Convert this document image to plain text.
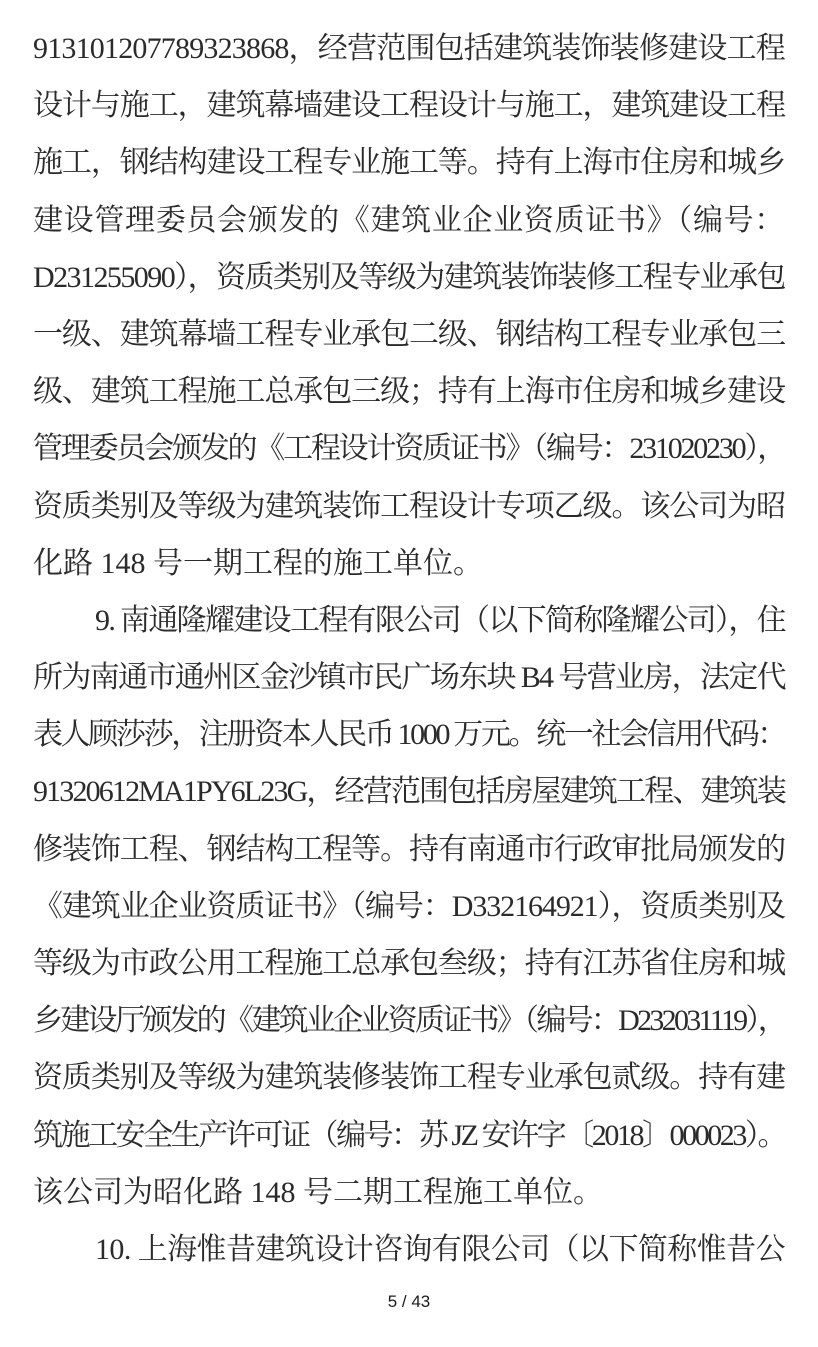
913101207789323868，经营范围包括建筑装饰装修建设工程
设计与施工，建筑幕墙建设工程设计与施工，建筑建设工程
施工，钢结构建设工程专业施工等。持有上海市住房和城乡
建设管理委员会颁发的《建筑业企业资质证书》（编号：
D231255090），资质类别及等级为建筑装饰装修工程专业承包
一级、建筑幕墙工程专业承包二级、钢结构工程专业承包三
级、建筑工程施工总承包三级；持有上海市住房和城乡建设
管理委员会颁发的《工程设计资质证书》（编号：231020230），
资质类别及等级为建筑装饰工程设计专项乙级。该公司为昭
化路 148 号一期工程的施工单位。
9. 南通隆耀建设工程有限公司（以下简称隆耀公司），住
所为南通市通州区金沙镇市民广场东块 B4 号营业房，法定代
表人顾莎莎，注册资本人民币 1000 万元。统一社会信用代码：
91320612MA1PY6L23G，经营范围包括房屋建筑工程、建筑装
修装饰工程、钢结构工程等。持有南通市行政审批局颁发的
《建筑业企业资质证书》（编号：D332164921），资质类别及
等级为市政公用工程施工总承包叁级；持有江苏省住房和城
乡建设厅颁发的《建筑业企业资质证书》（编号：D232031119），
资质类别及等级为建筑装修装饰工程专业承包贰级。持有建
筑施工安全生产许可证（编号：苏 JZ 安许字〔2018〕000023）。
该公司为昭化路 148 号二期工程施工单位。
10. 上海惟昔建筑设计咨询有限公司（以下简称惟昔公
5 / 43
